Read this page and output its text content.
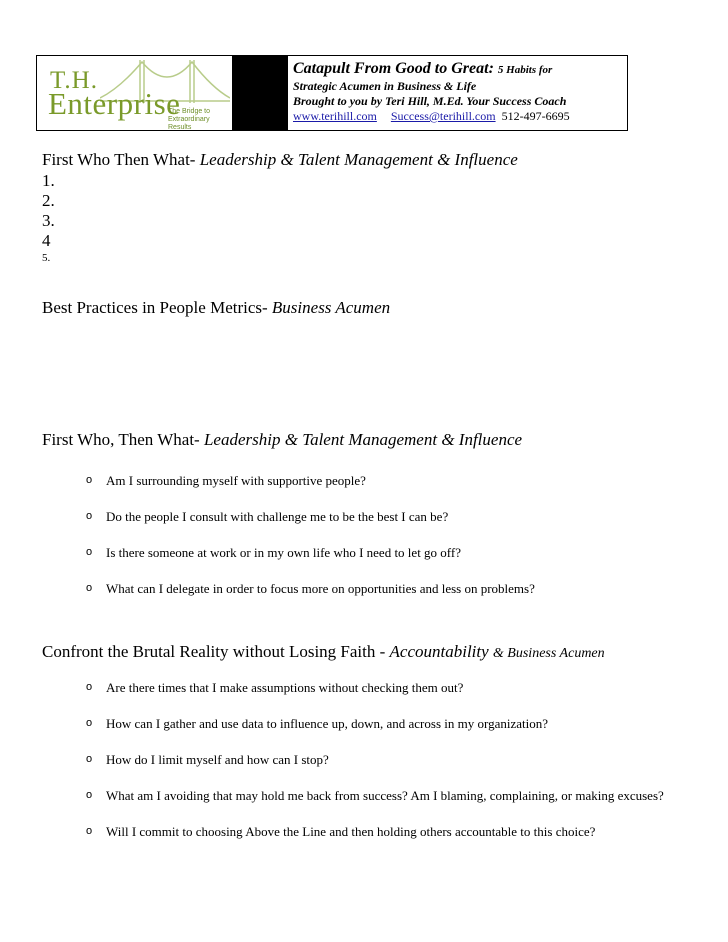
T.H.
Enterprise
The Bridge to
Extraordinary
Results
Catapult From Good to Great: 5 Habits for
Strategic Acumen in Business & Life
Brought to you by Teri Hill, M.Ed. Your Success Coach
www.terihill.com Success@terihill.com 512-497-6695
First Who Then What- Leadership & Talent Management & Influence
1.
2.
3.
4
5.
Best Practices in People Metrics- Business Acumen
First Who, Then What- Leadership & Talent Management & Influence
o Am I surrounding myself with supportive people?
o Do the people I consult with challenge me to be the best I can be?
o Is there someone at work or in my own life who I need to let go off?
o What can I delegate in order to focus more on opportunities and less on problems?
Confront the Brutal Reality without Losing Faith - Accountability & Business Acumen
o Are there times that I make assumptions without checking them out?
o How can I gather and use data to influence up, down, and across in my organization?
o How do I limit myself and how can I stop?
o What am I avoiding that may hold me back from success? Am I blaming, complaining, or making excuses?
o Will I commit to choosing Above the Line and then holding others accountable to this choice?
